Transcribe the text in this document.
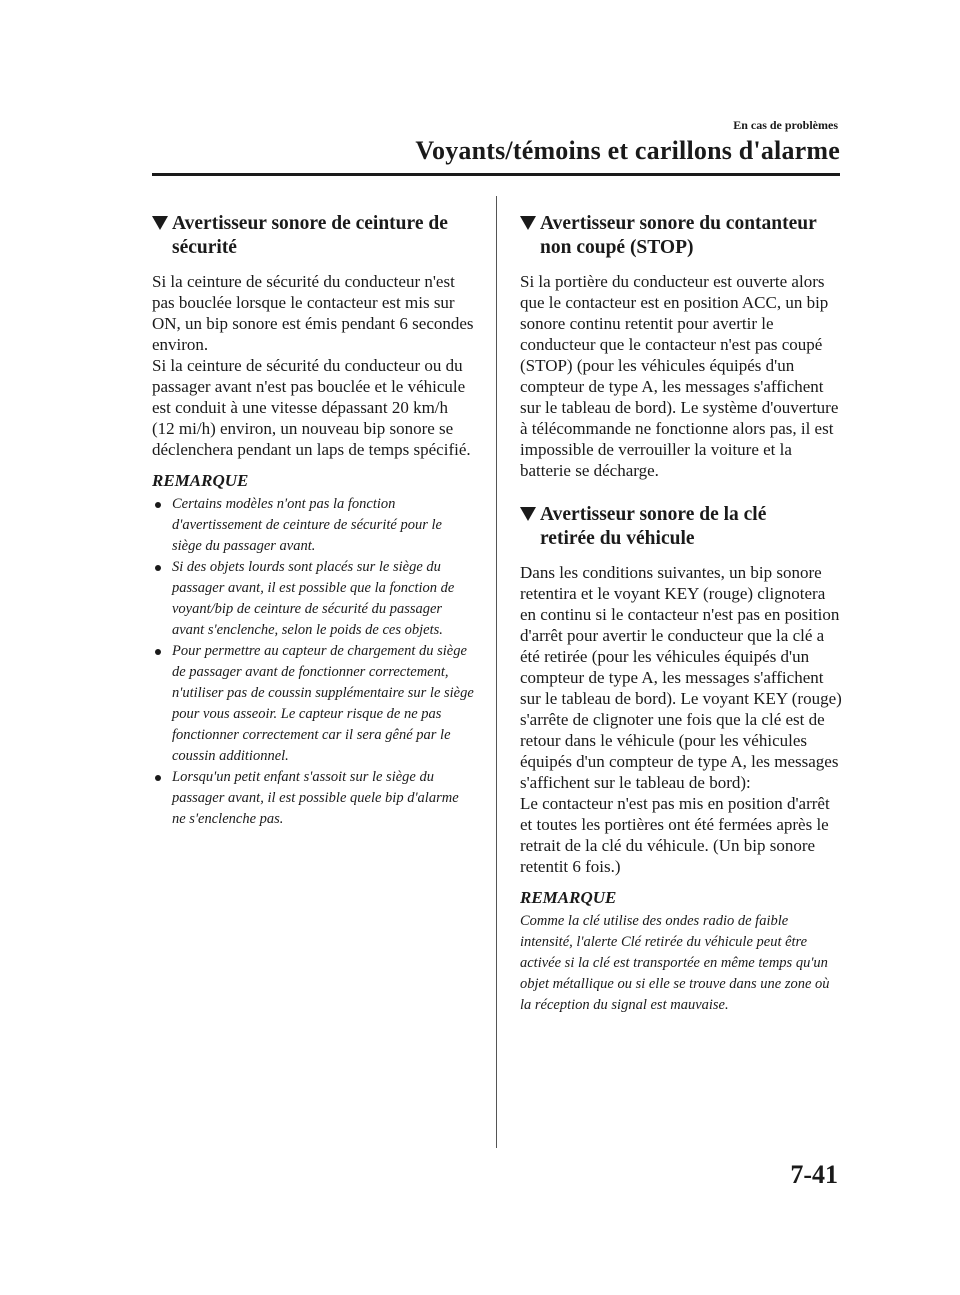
En cas de problèmes
Voyants/témoins et carillons d'alarme
Avertisseur sonore de ceinture de
sécurité

Si la ceinture de sécurité du conducteur n'est pas bouclée lorsque le contacteur est mis sur ON, un bip sonore est émis pendant 6 secondes environ.

Si la ceinture de sécurité du conducteur ou du passager avant n'est pas bouclée et le véhicule est conduit à une vitesse dépassant 20 km/h (12 mi/h) environ, un nouveau bip sonore se déclenchera pendant un laps de temps spécifié.

REMARQUE
Certains modèles n'ont pas la fonction d'avertissement de ceinture de sécurité pour le siège du passager avant.
Si des objets lourds sont placés sur le siège du passager avant, il est possible que la fonction de voyant/bip de ceinture de sécurité du passager avant s'enclenche, selon le poids de ces objets.
Pour permettre au capteur de chargement du siège de passager avant de fonctionner correctement, n'utiliser pas de coussin supplémentaire sur le siège pour vous asseoir. Le capteur risque de ne pas fonctionner correctement car il sera gêné par le coussin additionnel.
Lorsqu'un petit enfant s'assoit sur le siège du passager avant, il est possible quele bip d'alarme ne s'enclenche pas.
Avertisseur sonore du contanteur
non coupé (STOP)

Si la portière du conducteur est ouverte alors que le contacteur est en position ACC, un bip sonore continu retentit pour avertir le conducteur que le contacteur n'est pas coupé (STOP) (pour les véhicules équipés d'un compteur de type A, les messages s'affichent sur le tableau de bord). Le système d'ouverture à télécommande ne fonctionne alors pas, il est impossible de verrouiller la voiture et la batterie se décharge.

Avertisseur sonore de la clé
retirée du véhicule

Dans les conditions suivantes, un bip sonore retentira et le voyant KEY (rouge) clignotera en continu si le contacteur n'est pas en position d'arrêt pour avertir le conducteur que la clé a été retirée (pour les véhicules équipés d'un compteur de type A, les messages s'affichent sur le tableau de bord). Le voyant KEY (rouge) s'arrête de clignoter une fois que la clé est de retour dans le véhicule (pour les véhicules équipés d'un compteur de type A, les messages s'affichent sur le tableau de bord):

Le contacteur n'est pas mis en position d'arrêt et toutes les portières ont été fermées après le retrait de la clé du véhicule. (Un bip sonore retentit 6 fois.)

REMARQUE

Comme la clé utilise des ondes radio de faible intensité, l'alerte Clé retirée du véhicule peut être activée si la clé est transportée en même temps qu'un objet métallique ou si elle se trouve dans une zone où la réception du signal est mauvaise.

7-41
